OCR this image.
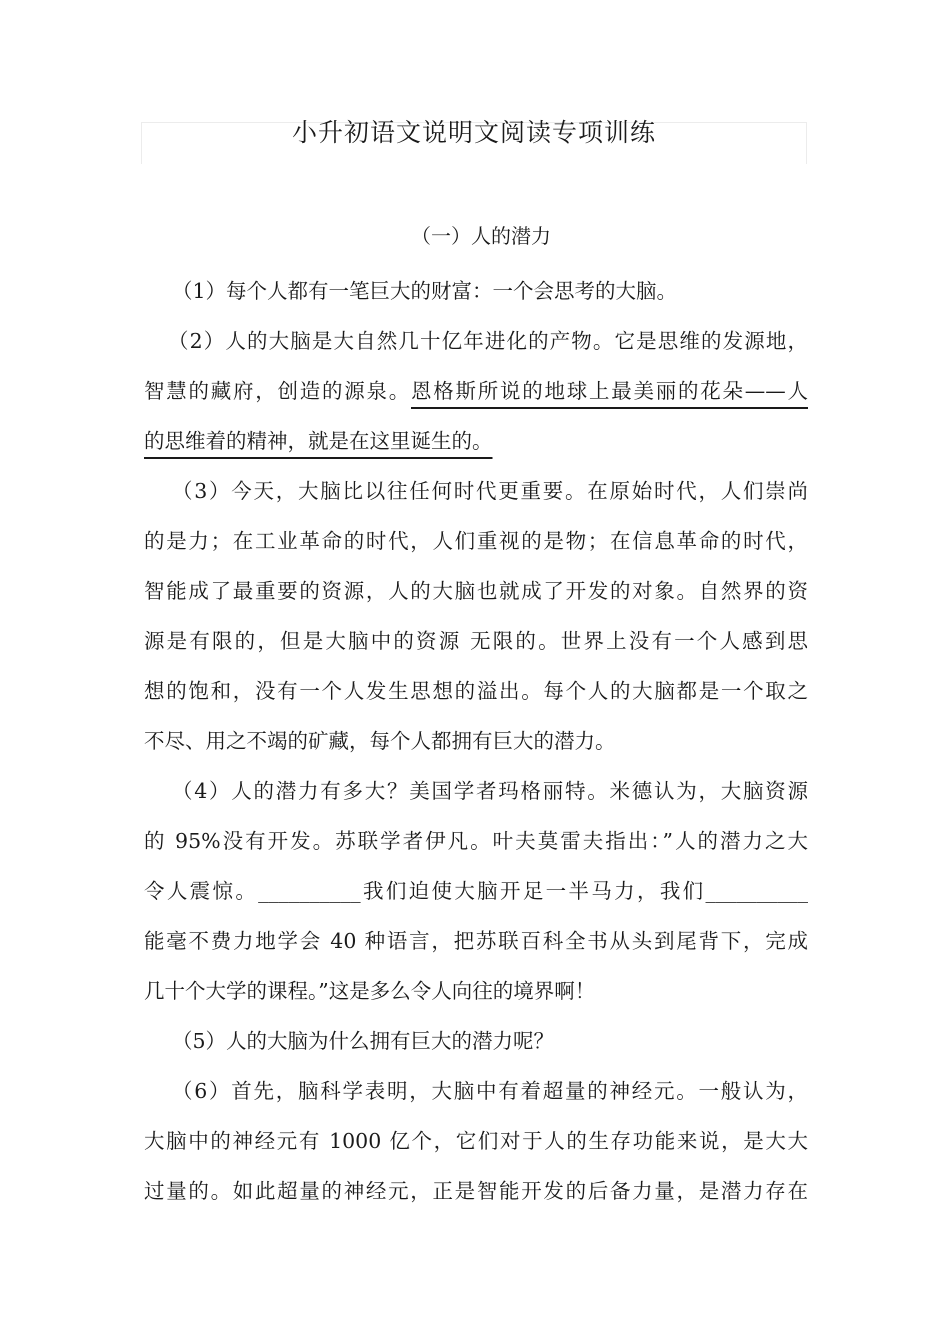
小升初语文说明文阅读专项训练
（一）人的潜力
（1）每个人都有一笔巨大的财富：一个会思考的大脑。
（2）人的大脑是大自然几十亿年进化的产物。它是思维的发源地，
智慧的藏府，创造的源泉。恩格斯所说的地球上最美丽的花朵——人
的思维着的精神，就是在这里诞生的。
（3）今天，大脑比以往任何时代更重要。在原始时代，人们崇尚
的是力；在工业革命的时代，人们重视的是物；在信息革命的时代，
智能成了最重要的资源，人的大脑也就成了开发的对象。自然界的资
源是有限的，但是大脑中的资源 无限的。世界上没有一个人感到思
想的饱和，没有一个人发生思想的溢出。每个人的大脑都是一个取之
不尽、用之不竭的矿藏，每个人都拥有巨大的潜力。
（4）人的潜力有多大？美国学者玛格丽特。米德认为，大脑资源
的 95%没有开发。苏联学者伊凡。叶夫莫雷夫指出：”人的潜力之大
令人震惊。__________我们迫使大脑开足一半马力，我们__________
能毫不费力地学会 40 种语言，把苏联百科全书从头到尾背下，完成
几十个大学的课程。”这是多么令人向往的境界啊！
（5）人的大脑为什么拥有巨大的潜力呢？
（6）首先，脑科学表明，大脑中有着超量的神经元。一般认为，
大脑中的神经元有 1000 亿个，它们对于人的生存功能来说，是大大
过量的。如此超量的神经元，正是智能开发的后备力量，是潜力存在
